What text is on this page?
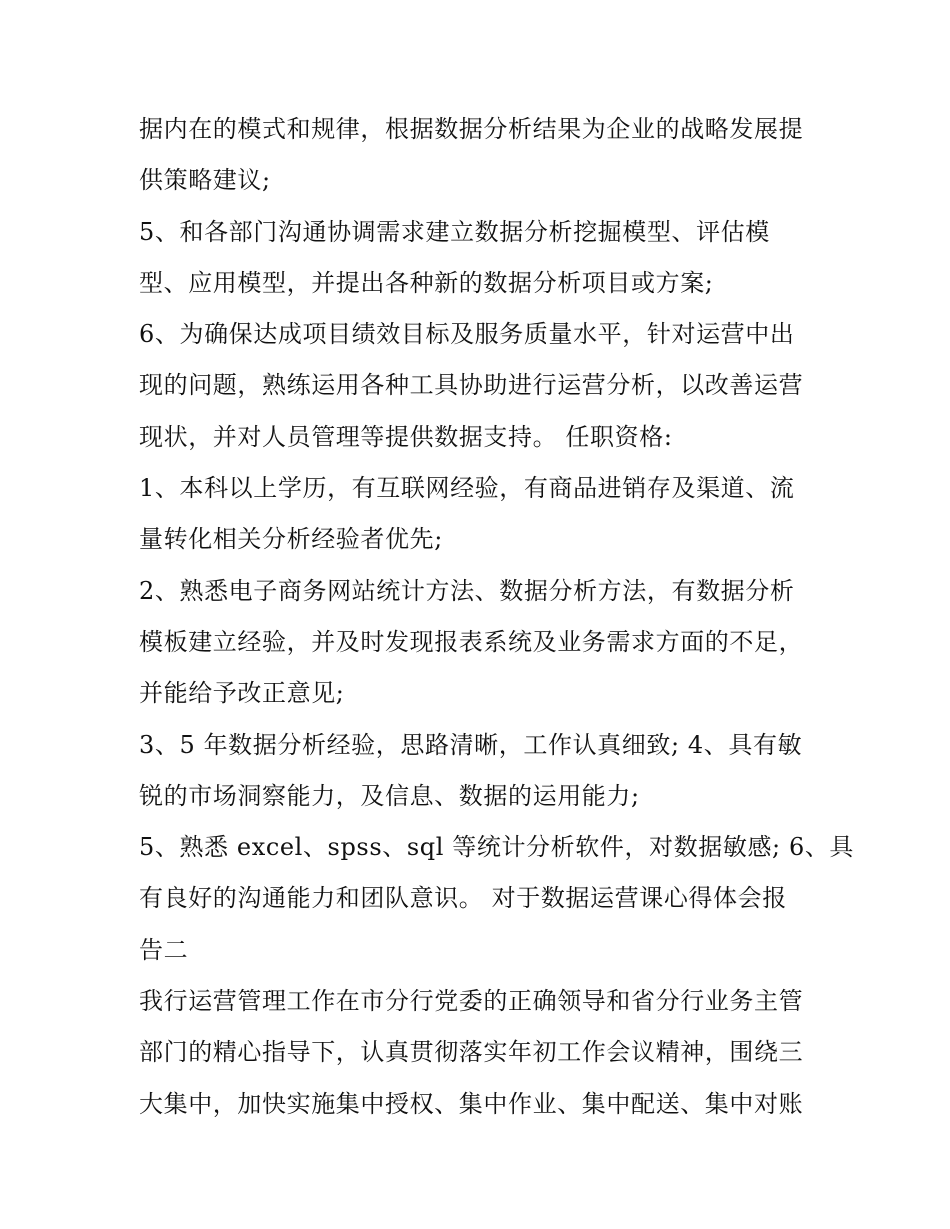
据内在的模式和规律，根据数据分析结果为企业的战略发展提
供策略建议;
5、和各部门沟通协调需求建立数据分析挖掘模型、评估模
型、应用模型，并提出各种新的数据分析项目或方案;
6、为确保达成项目绩效目标及服务质量水平，针对运营中出
现的问题，熟练运用各种工具协助进行运营分析，以改善运营
现状，并对人员管理等提供数据支持。 任职资格:
1、本科以上学历，有互联网经验，有商品进销存及渠道、流
量转化相关分析经验者优先;
2、熟悉电子商务网站统计方法、数据分析方法，有数据分析
模板建立经验，并及时发现报表系统及业务需求方面的不足，
并能给予改正意见;
3、5 年数据分析经验，思路清晰，工作认真细致; 4、具有敏
锐的市场洞察能力，及信息、数据的运用能力;
5、熟悉 excel、spss、sql 等统计分析软件，对数据敏感; 6、具
有良好的沟通能力和团队意识。 对于数据运营课心得体会报
告二
我行运营管理工作在市分行党委的正确领导和省分行业务主管
部门的精心指导下，认真贯彻落实年初工作会议精神，围绕三
大集中，加快实施集中授权、集中作业、集中配送、集中对账
